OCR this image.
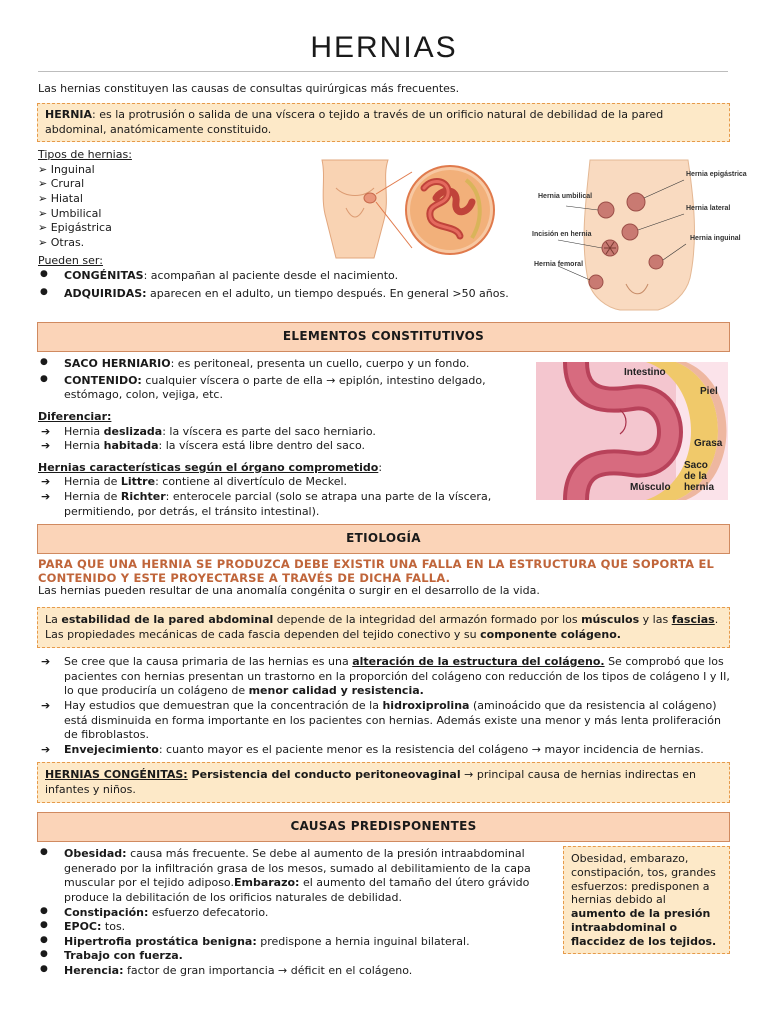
HERNIAS
Las hernias constituyen las causas de consultas quirúrgicas más frecuentes.
HERNIA: es la protrusión o salida de una víscera o tejido a través de un orificio natural de debilidad de la pared abdominal, anatómicamente constituido.
Tipos de hernias:
➢ Inguinal
➢ Crural
➢ Hiatal
➢ Umbilical
➢ Epigástrica
➢ Otras.
Hernia epigástrica
Hernia umbilical
Hernia lateral
Incisión en hernia
Hernia inguinal
Hernia femoral
Pueden ser:
● CONGÉNITAS: acompañan al paciente desde el nacimiento.
● ADQUIRIDAS: aparecen en el adulto, un tiempo después. En general >50 años.
ELEMENTOS CONSTITUTIVOS
● SACO HERNIARIO: es peritoneal, presenta un cuello, cuerpo y un fondo.
● CONTENIDO: cualquier víscera o parte de ella → epiplón, intestino delgado, estómago, colon, vejiga, etc.
Diferenciar:
➔ Hernia deslizada: la víscera es parte del saco herniario.
➔ Hernia habitada: la víscera está libre dentro del saco.
Hernias características según el órgano comprometido:
➔ Hernia de Littre: contiene al divertículo de Meckel.
➔ Hernia de Richter: enterocele parcial (solo se atrapa una parte de la víscera, permitiendo, por detrás, el tránsito intestinal).
Intestino
Piel
Grasa
Saco
de la
hernia
Músculo
ETIOLOGÍA
PARA QUE UNA HERNIA SE PRODUZCA DEBE EXISTIR UNA FALLA EN LA ESTRUCTURA QUE SOPORTA EL CONTENIDO Y ESTE PROYECTARSE A TRAVÉS DE DICHA FALLA.
Las hernias pueden resultar de una anomalía congénita o surgir en el desarrollo de la vida.
La estabilidad de la pared abdominal depende de la integridad del armazón formado por los músculos y las fascias. Las propiedades mecánicas de cada fascia dependen del tejido conectivo y su componente colágeno.
➔ Se cree que la causa primaria de las hernias es una alteración de la estructura del colágeno. Se comprobó que los pacientes con hernias presentan un trastorno en la proporción del colágeno con reducción de los tipos de colágeno I y II, lo que produciría un colágeno de menor calidad y resistencia.
➔ Hay estudios que demuestran que la concentración de la hidroxiprolina (aminoácido que da resistencia al colágeno) está disminuida en forma importante en los pacientes con hernias. Además existe una menor y más lenta proliferación de fibroblastos.
➔ Envejecimiento: cuanto mayor es el paciente menor es la resistencia del colágeno → mayor incidencia de hernias.
HERNIAS CONGÉNITAS: Persistencia del conducto peritoneovaginal → principal causa de hernias indirectas en infantes y niños.
CAUSAS PREDISPONENTES
● Obesidad: causa más frecuente. Se debe al aumento de la presión intraabdominal generado por la infiltración grasa de los mesos, sumado al debilitamiento de la capa muscular por el tejido adiposo.Embarazo: el aumento del tamaño del útero grávido produce la debilitación de los orificios naturales de debilidad.
● Constipación: esfuerzo defecatorio.
● EPOC: tos.
● Hipertrofia prostática benigna: predispone a hernia inguinal bilateral.
● Trabajo con fuerza.
● Herencia: factor de gran importancia → déficit en el colágeno.
Obesidad, embarazo, constipación, tos, grandes esfuerzos: predisponen a hernias debido al aumento de la presión intraabdominal o flaccidez de los tejidos.
